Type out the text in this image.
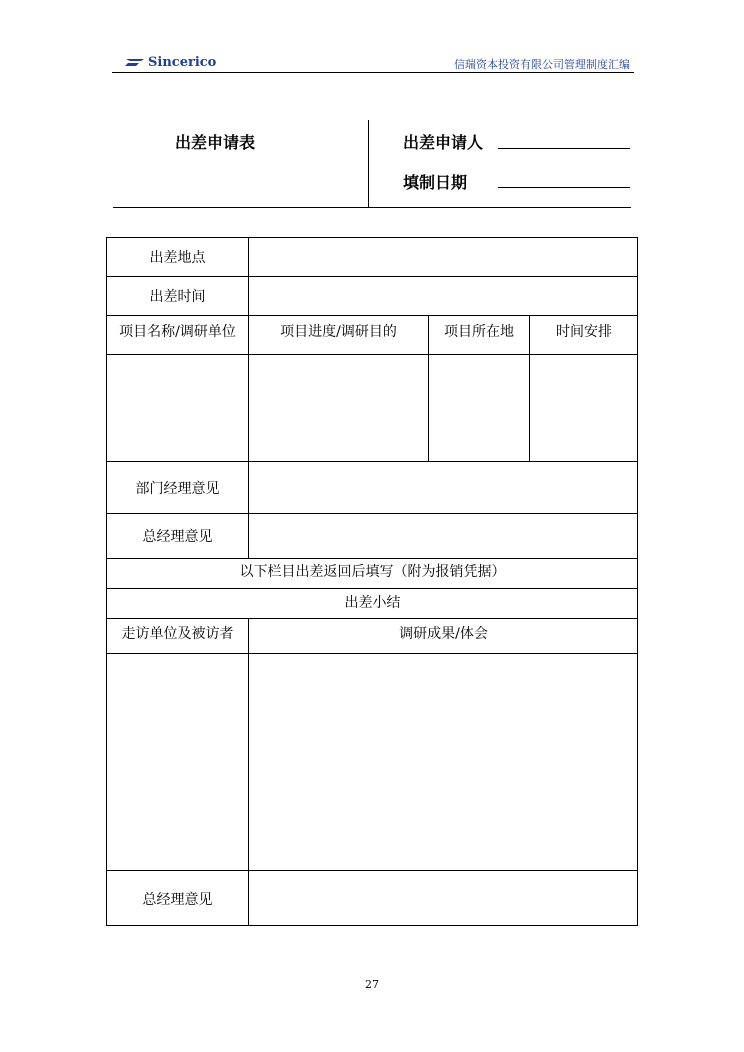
Sincerico	信瑞资本投资有限公司管理制度汇编
出差申请表	出差申请人
填制日期
出差地点
出差时间
项目名称/调研单位	项目进度/调研目的	项目所在地	时间安排
部门经理意见
总经理意见
以下栏目出差返回后填写（附为报销凭据）
出差小结
走访单位及被访者	调研成果/体会
总经理意见
27
